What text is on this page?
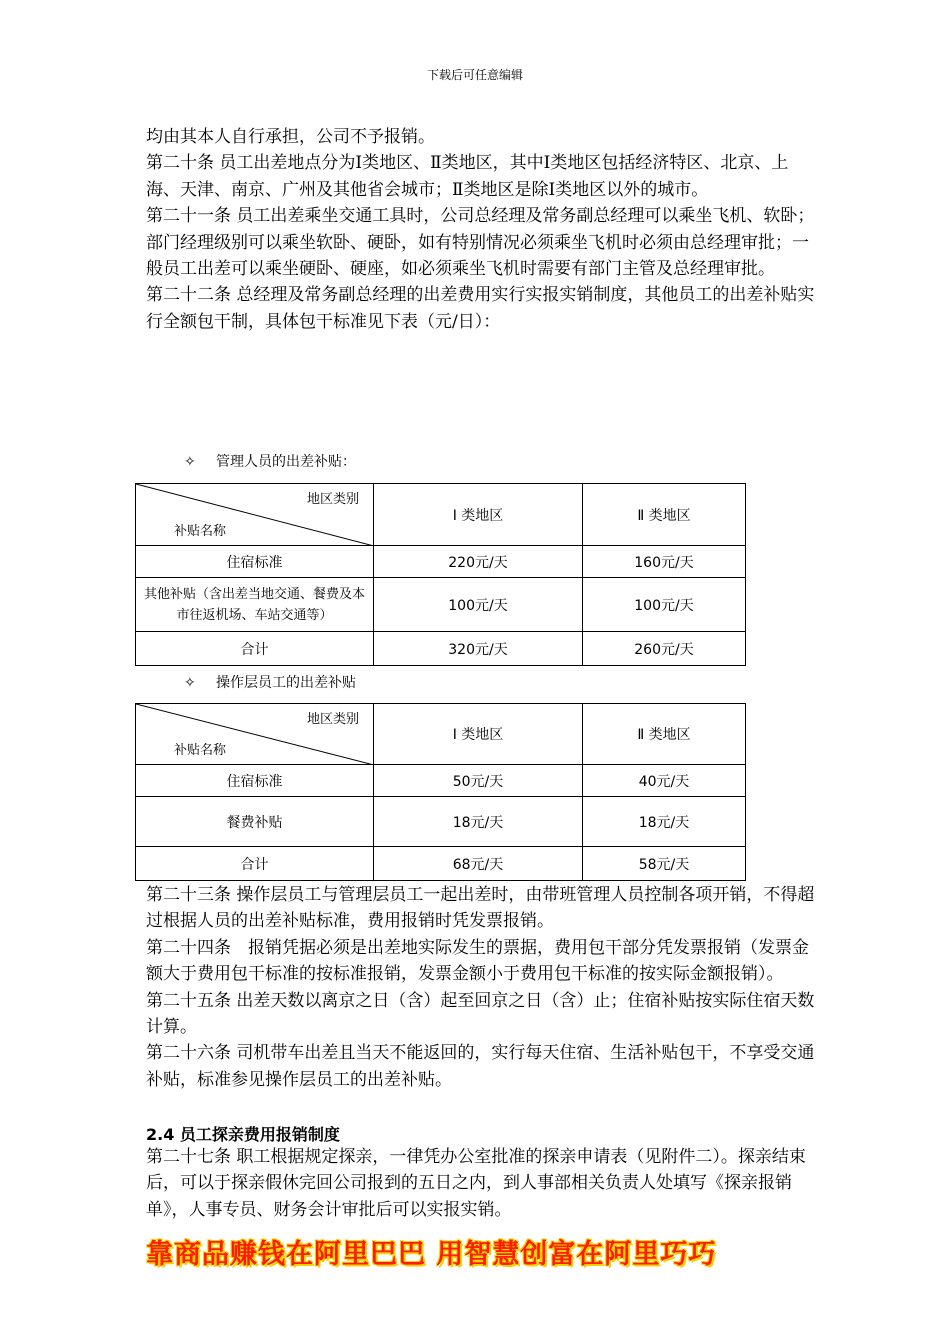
下载后可任意编辑

均由其本人自行承担，公司不予报销。

第二十条 员工出差地点分为Ⅰ类地区、Ⅱ类地区，其中Ⅰ类地区包括经济特区、北京、上海、天津、南京、广州及其他省会城市；Ⅱ类地区是除Ⅰ类地区以外的城市。

第二十一条 员工出差乘坐交通工具时，公司总经理及常务副总经理可以乘坐飞机、软卧；部门经理级别可以乘坐软卧、硬卧，如有特别情况必须乘坐飞机时必须由总经理审批；一般员工出差可以乘坐硬卧、硬座，如必须乘坐飞机时需要有部门主管及总经理审批。

第二十二条 总经理及常务副总经理的出差费用实行实报实销制度，其他员工的出差补贴实行全额包干制，具体包干标准见下表（元/日）：

✧ 管理人员的出差补贴：
地区类别
补贴名称	Ⅰ 类地区	Ⅱ 类地区
住宿标准	220元/天	160元/天
其他补贴（含出差当地交通、餐费及本市往返机场、车站交通等）	100元/天	100元/天
合计	320元/天	260元/天
✧ 操作层员工的出差补贴
地区类别
补贴名称	Ⅰ 类地区	Ⅱ 类地区
住宿标准	50元/天	40元/天
餐费补贴	18元/天	18元/天
合计	68元/天	58元/天

第二十三条 操作层员工与管理层员工一起出差时，由带班管理人员控制各项开销，不得超过根据人员的出差补贴标准，费用报销时凭发票报销。

第二十四条　报销凭据必须是出差地实际发生的票据，费用包干部分凭发票报销（发票金额大于费用包干标准的按标准报销，发票金额小于费用包干标准的按实际金额报销）。

第二十五条 出差天数以离京之日（含）起至回京之日（含）止；住宿补贴按实际住宿天数计算。

第二十六条 司机带车出差且当天不能返回的，实行每天住宿、生活补贴包干，不享受交通补贴，标准参见操作层员工的出差补贴。

2.4 员工探亲费用报销制度

第二十七条 职工根据规定探亲，一律凭办公室批准的探亲申请表（见附件二）。探亲结束后，可以于探亲假休完回公司报到的五日之内，到人事部相关负责人处填写《探亲报销单》，人事专员、财务会计审批后可以实报实销。

靠商品赚钱在阿里巴巴 用智慧创富在阿里巧巧
